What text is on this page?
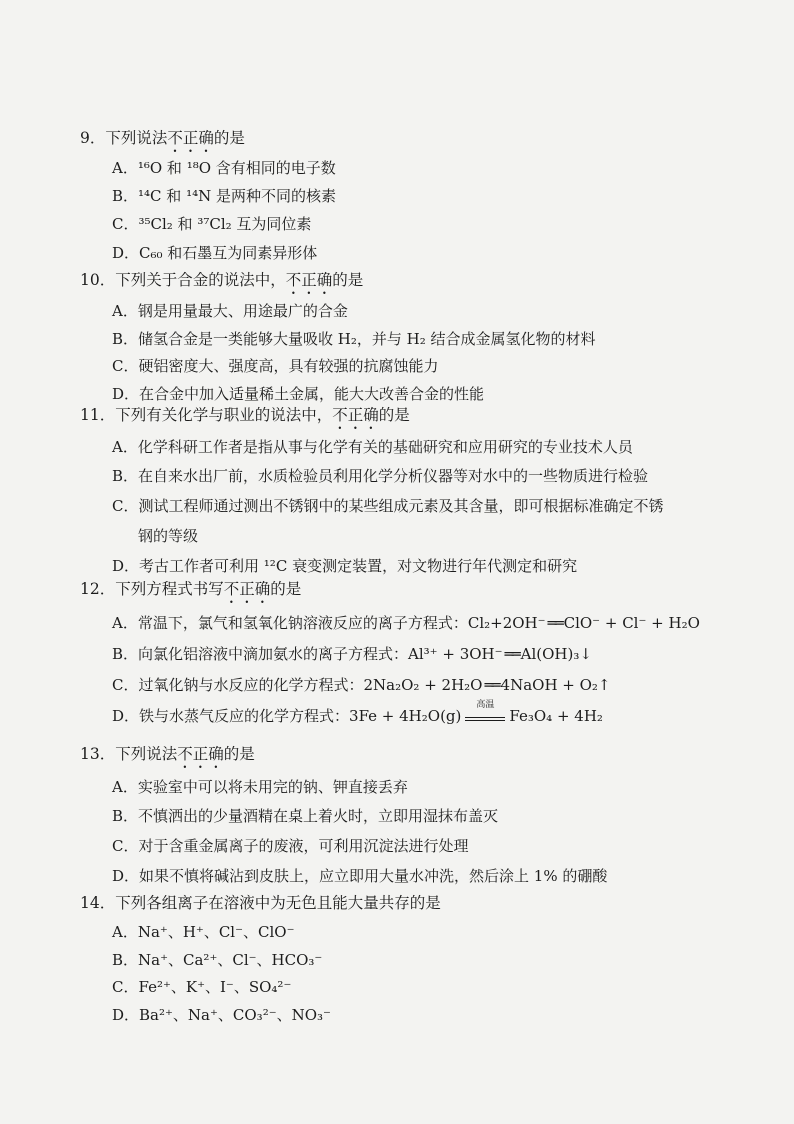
9．下列说法不正确的是
A．¹⁶O 和 ¹⁸O 含有相同的电子数
B．¹⁴C 和 ¹⁴N 是两种不同的核素
C．³⁵Cl₂ 和 ³⁷Cl₂ 互为同位素
D．C₆₀ 和石墨互为同素异形体
10．下列关于合金的说法中，不正确的是
A．钢是用量最大、用途最广的合金
B．储氢合金是一类能够大量吸收 H₂，并与 H₂ 结合成金属氢化物的材料
C．硬铝密度大、强度高，具有较强的抗腐蚀能力
D．在合金中加入适量稀土金属，能大大改善合金的性能
11．下列有关化学与职业的说法中，不正确的是
A．化学科研工作者是指从事与化学有关的基础研究和应用研究的专业技术人员
B．在自来水出厂前，水质检验员利用化学分析仪器等对水中的一些物质进行检验
C．测试工程师通过测出不锈钢中的某些组成元素及其含量，即可根据标准确定不锈
钢的等级
D．考古工作者可利用 ¹²C 衰变测定装置，对文物进行年代测定和研究
12．下列方程式书写不正确的是
A．常温下，氯气和氢氧化钠溶液反应的离子方程式：Cl₂+2OH⁻ ══ ClO⁻ + Cl⁻ + H₂O
B．向氯化铝溶液中滴加氨水的离子方程式：Al³⁺ + 3OH⁻ ══ Al(OH)₃↓
C．过氧化钠与水反应的化学方程式：2Na₂O₂ + 2H₂O ══ 4NaOH + O₂↑
D．铁与水蒸气反应的化学方程式：3Fe + 4H₂O(g)
高温
Fe₃O₄ + 4H₂
13．下列说法不正确的是
A．实验室中可以将未用完的钠、钾直接丢弃
B．不慎洒出的少量酒精在桌上着火时，立即用湿抹布盖灭
C．对于含重金属离子的废液，可利用沉淀法进行处理
D．如果不慎将碱沾到皮肤上，应立即用大量水冲洗，然后涂上 1% 的硼酸
14．下列各组离子在溶液中为无色且能大量共存的是
A．Na⁺、H⁺、Cl⁻、ClO⁻
B．Na⁺、Ca²⁺、Cl⁻、HCO₃⁻
C．Fe²⁺、K⁺、I⁻、SO₄²⁻
D．Ba²⁺、Na⁺、CO₃²⁻、NO₃⁻
